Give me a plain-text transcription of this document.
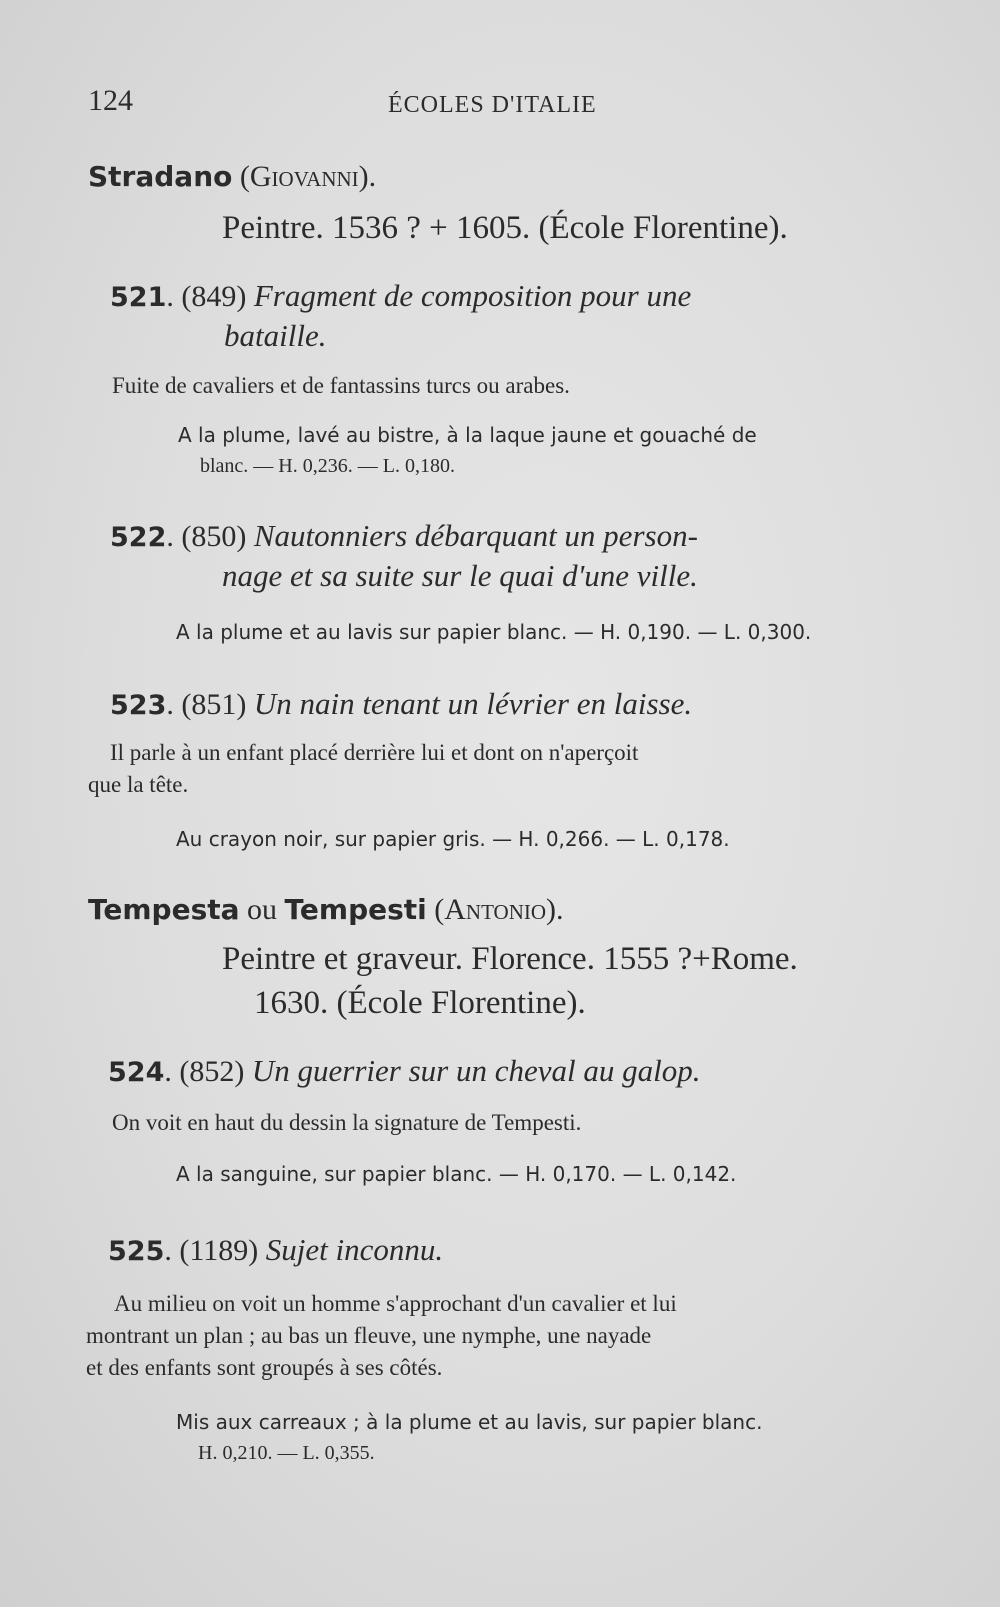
124	ÉCOLES D'ITALIE
Stradano (Giovanni).
Peintre. 1536 ? + 1605. (École Florentine).
521. (849) Fragment de composition pour une
bataille.
Fuite de cavaliers et de fantassins turcs ou arabes.
A la plume, lavé au bistre, à la laque jaune et gouaché de
blanc. — H. 0,236. — L. 0,180.
522. (850) Nautonniers débarquant un person-
nage et sa suite sur le quai d'une ville.
A la plume et au lavis sur papier blanc. — H. 0,190. — L. 0,300.
523. (851) Un nain tenant un lévrier en laisse.
Il parle à un enfant placé derrière lui et dont on n'aperçoit
que la tête.
Au crayon noir, sur papier gris. — H. 0,266. — L. 0,178.
Tempesta ou Tempesti (Antonio).
Peintre et graveur. Florence. 1555 ?+Rome.
1630. (École Florentine).
524. (852) Un guerrier sur un cheval au galop.
On voit en haut du dessin la signature de Tempesti.
A la sanguine, sur papier blanc. — H. 0,170. — L. 0,142.
525. (1189) Sujet inconnu.
Au milieu on voit un homme s'approchant d'un cavalier et lui
montrant un plan ; au bas un fleuve, une nymphe, une nayade
et des enfants sont groupés à ses côtés.
Mis aux carreaux ; à la plume et au lavis, sur papier blanc.
H. 0,210. — L. 0,355.
